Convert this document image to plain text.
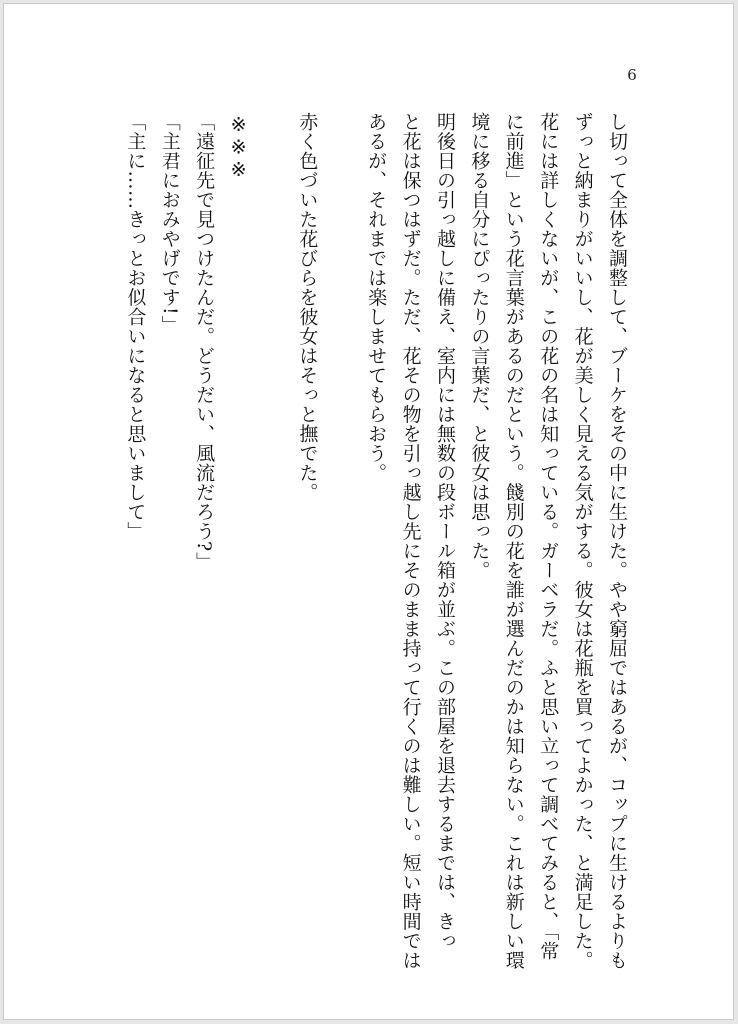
6
し切って全体を調整して、ブーケをその中に生けた。やや窮屈ではあるが、コップに生けるよりも
ずっと納まりがいいし、花が美しく見える気がする。彼女は花瓶を買ってよかった、と満足した。
花には詳しくないが、この花の名は知っている。ガーベラだ。ふと思い立って調べてみると、「常
に前進」という花言葉があるのだという。餞別の花を誰が選んだのかは知らない。これは新しい環
境に移る自分にぴったりの言葉だ、と彼女は思った。
明後日の引っ越しに備え、室内には無数の段ボール箱が並ぶ。この部屋を退去するまでは、きっ
と花は保つはずだ。ただ、花その物を引っ越し先にそのまま持って行くのは難しい。短い時間では
あるが、それまでは楽しませてもらおう。
赤く色づいた花びらを彼女はそっと撫でた。
※※※
「遠征先で見つけたんだ。どうだい、風流だろう?」
「主君におみやげです!」
「主に……きっとお似合いになると思いまして」
